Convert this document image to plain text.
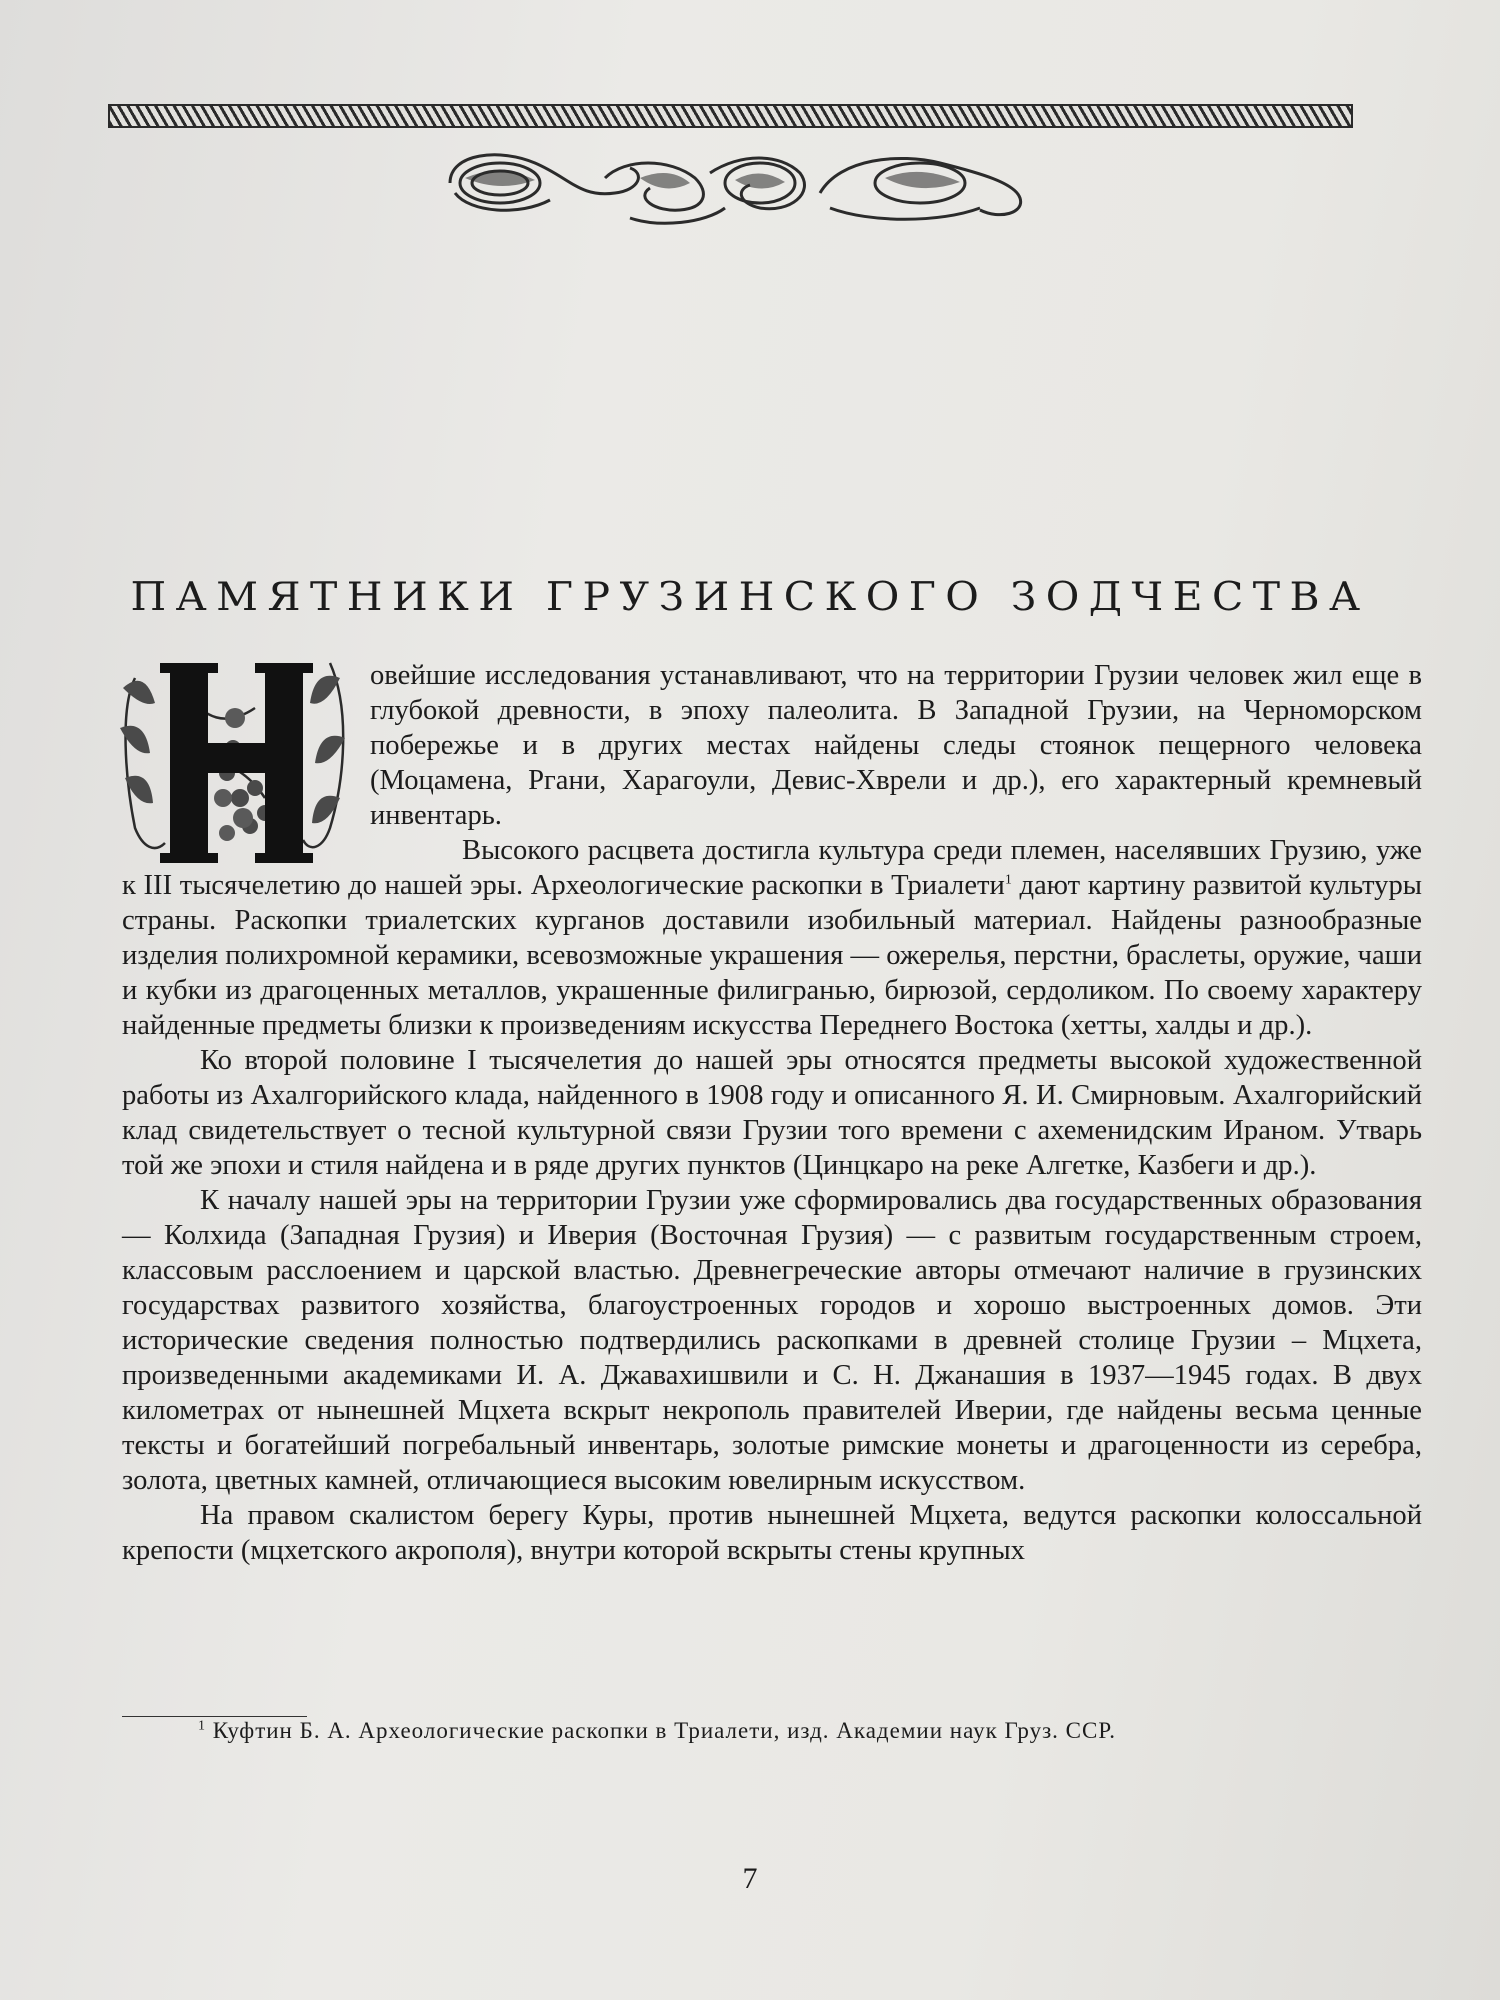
ПАМЯТНИКИ ГРУЗИНСКОГО ЗОДЧЕСТВА

овейшие исследования устанавливают, что на территории Грузии человек жил еще в глубокой древности, в эпоху палеолита. В Западной Грузии, на Черноморском побережье и в других местах найдены следы стоянок пещерного человека (Моцамена, Ргани, Харагоули, Девис-Хврели и др.), его характерный кремневый инвентарь.

Высокого расцвета достигла культура среди племен, населявших Грузию, уже к III тысячелетию до нашей эры. Археологические раскопки в Триалети$^1$ дают картину развитой культуры страны. Раскопки триалетских курганов доставили изобильный материал. Найдены разнообразные изделия полихромной керамики, всевозможные украшения — ожерелья, перстни, браслеты, оружие, чаши и кубки из драгоценных металлов, украшенные филигранью, бирюзой, сердоликом. По своему характеру найденные предметы близки к произведениям искусства Переднего Востока (хетты, халды и др.).

Ко второй половине I тысячелетия до нашей эры относятся предметы высокой художественной работы из Ахалгорийского клада, найденного в 1908 году и описанного Я. И. Смирновым. Ахалгорийский клад свидетельствует о тесной культурной связи Грузии того времени с ахеменидским Ираном. Утварь той же эпохи и стиля найдена и в ряде других пунктов (Цинцкаро на реке Алгетке, Казбеги и др.).

К началу нашей эры на территории Грузии уже сформировались два государственных образования — Колхида (Западная Грузия) и Иверия (Восточная Грузия) — с развитым государственным строем, классовым расслоением и царской властью. Древнегреческие авторы отмечают наличие в грузинских государствах развитого хозяйства, благоустроенных городов и хорошо выстроенных домов. Эти исторические сведения полностью подтвердились раскопками в древней столице Грузии – Мцхета, произведенными академиками И. А. Джавахишвили и С. Н. Джанашия в 1937—1945 годах. В двух километрах от нынешней Мцхета вскрыт некрополь правителей Иверии, где найдены весьма ценные тексты и богатейший погребальный инвентарь, золотые римские монеты и драгоценности из серебра, золота, цветных камней, отличающиеся высоким ювелирным искусством.

На правом скалистом берегу Куры, против нынешней Мцхета, ведутся раскопки колоссальной крепости (мцхетского акрополя), внутри которой вскрыты стены крупных

$^1$ Куфтин Б. А. Археологические раскопки в Триалети, изд. Академии наук Груз. ССР.
7
